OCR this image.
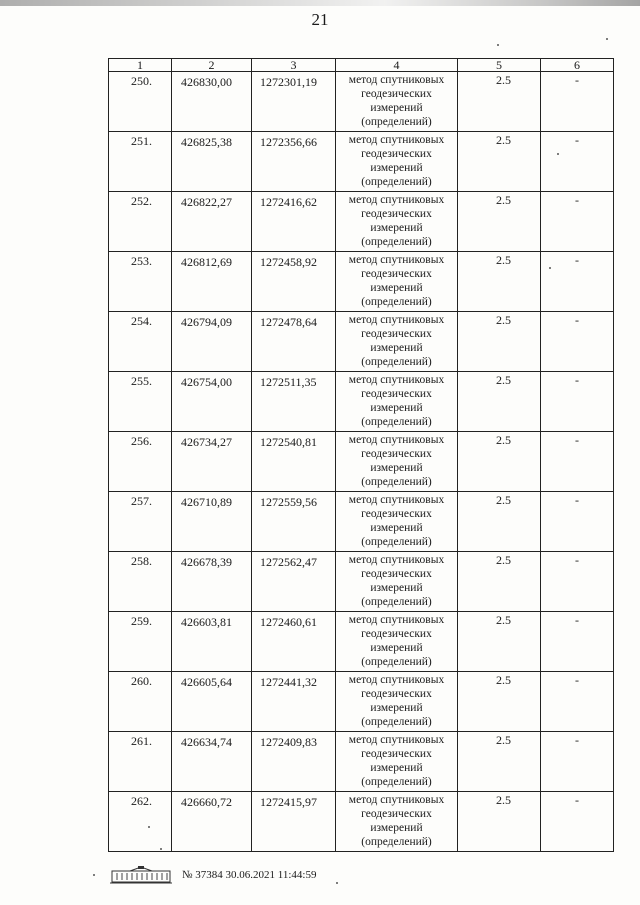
21
1	2	3	4	5	6
250.	426830,00	1272301,19	метод спутниковых геодезических измерений (определений)	2.5	-
251.	426825,38	1272356,66	метод спутниковых геодезических измерений (определений)	2.5	-
252.	426822,27	1272416,62	метод спутниковых геодезических измерений (определений)	2.5	-
253.	426812,69	1272458,92	метод спутниковых геодезических измерений (определений)	2.5	-
254.	426794,09	1272478,64	метод спутниковых геодезических измерений (определений)	2.5	-
255.	426754,00	1272511,35	метод спутниковых геодезических измерений (определений)	2.5	-
256.	426734,27	1272540,81	метод спутниковых геодезических измерений (определений)	2.5	-
257.	426710,89	1272559,56	метод спутниковых геодезических измерений (определений)	2.5	-
258.	426678,39	1272562,47	метод спутниковых геодезических измерений (определений)	2.5	-
259.	426603,81	1272460,61	метод спутниковых геодезических измерений (определений)	2.5	-
260.	426605,64	1272441,32	метод спутниковых геодезических измерений (определений)	2.5	-
261.	426634,74	1272409,83	метод спутниковых геодезических измерений (определений)	2.5	-
262.	426660,72	1272415,97	метод спутниковых геодезических измерений (определений)	2.5	-
№ 37384 30.06.2021 11:44:59
